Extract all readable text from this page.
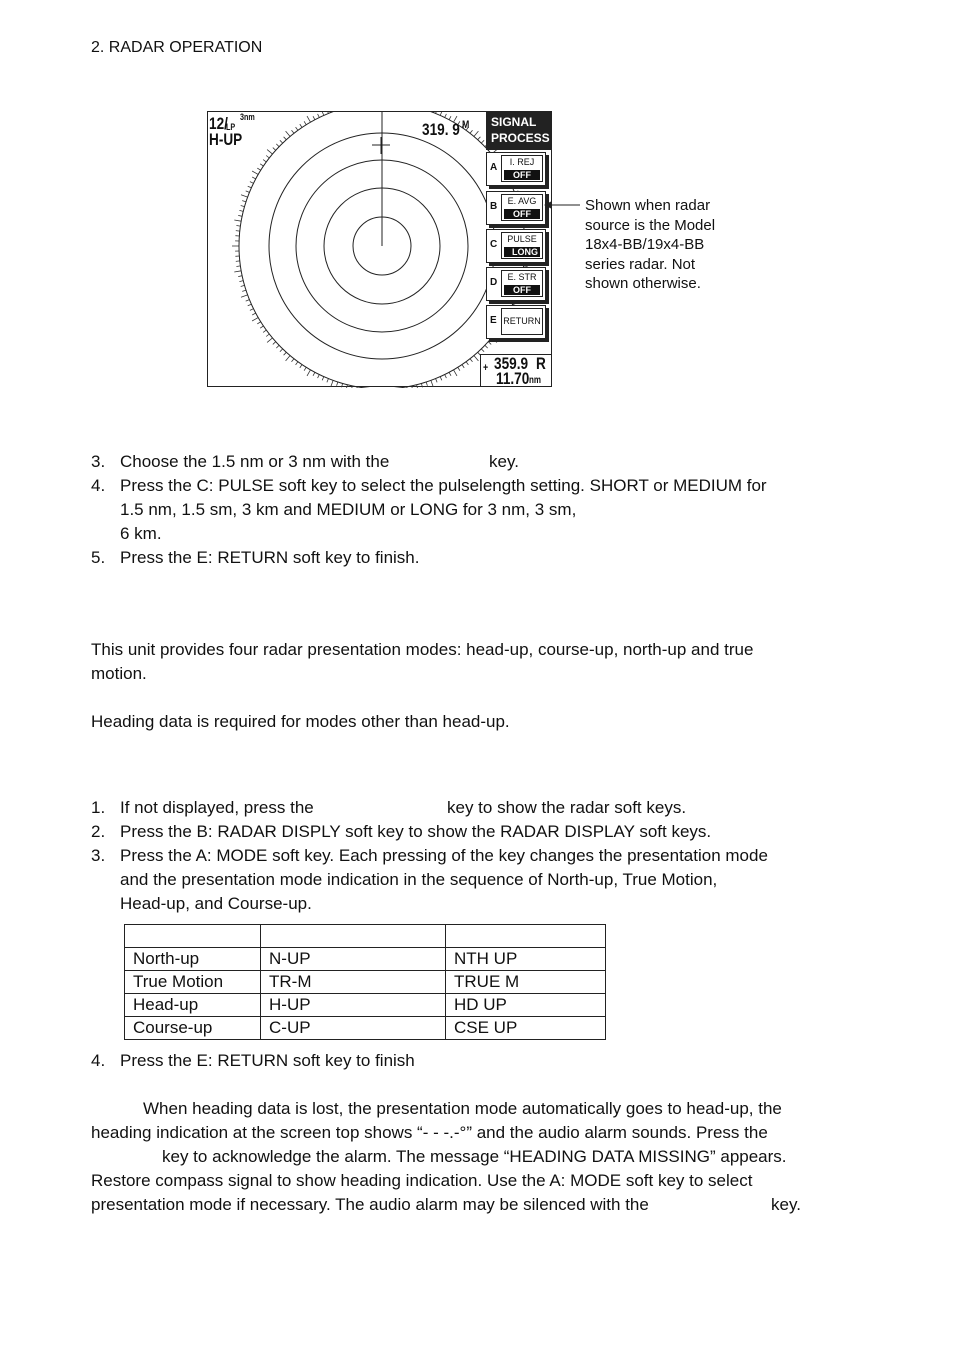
2. RADAR OPERATION
12/
LP
3nm
H-UP
319. 9 M SIGNAL
PROCESS
A	I. REJ
OFF
B	E. AVG
OFF
C	PULSE
LONG
D	E. STR
OFF
E RETURN
+ 359.9 R
11.70 nm
Shown when radar
source is the Model
18x4-BB/19x4-BB
series radar. Not
shown otherwise.
3. Choose the 1.5 nm or 3 nm with the	key.
4. Press the C: PULSE soft key to select the pulselength setting. SHORT or MEDIUM for
1.5 nm, 1.5 sm, 3 km and MEDIUM or LONG for 3 nm, 3 sm,
6 km.
5. Press the E: RETURN soft key to finish.
This unit provides four radar presentation modes: head-up, course-up, north-up and true
motion.
Heading data is required for modes other than head-up.
1. If not displayed, press the	key to show the radar soft keys.
2. Press the B: RADAR DISPLY soft key to show the RADAR DISPLAY soft keys.
3. Press the A: MODE soft key. Each pressing of the key changes the presentation mode
and the presentation mode indication in the sequence of North-up, True Motion,
Head-up, and Course-up.

North-up	N-UP	NTH UP
True Motion	TR-M	TRUE M
Head-up	H-UP	HD UP
Course-up	C-UP	CSE UP
4. Press the E: RETURN soft key to finish
When heading data is lost, the presentation mode automatically goes to head-up, the
heading indication at the screen top shows “- - -.-°” and the audio alarm sounds. Press the
key to acknowledge the alarm. The message “HEADING DATA MISSING” appears.
Restore compass signal to show heading indication. Use the A: MODE soft key to select
presentation mode if necessary. The audio alarm may be silenced with the	key.
